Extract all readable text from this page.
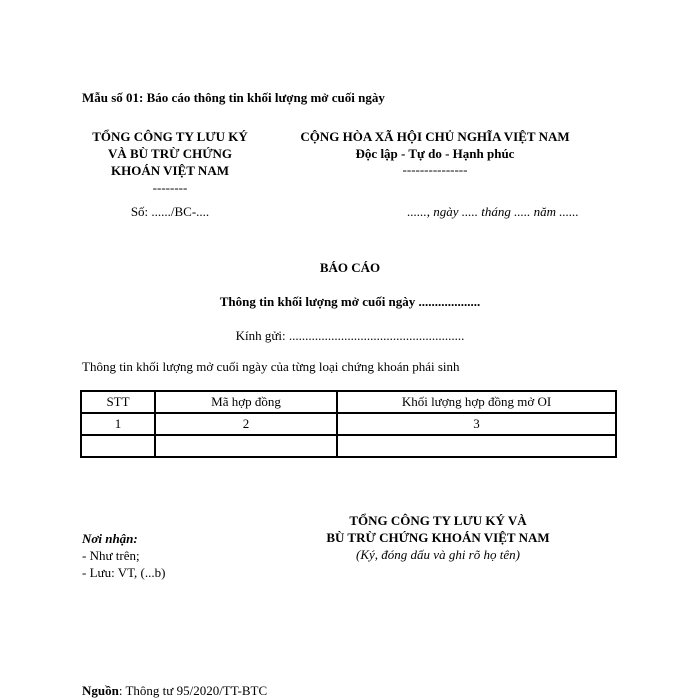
Mẫu số 01: Báo cáo thông tin khối lượng mở cuối ngày
TỔNG CÔNG TY LƯU KÝ
VÀ BÙ TRỪ CHỨNG
KHOÁN VIỆT NAM
--------
Số: ....../BC-....
CỘNG HÒA XÃ HỘI CHỦ NGHĨA VIỆT NAM
Độc lập - Tự do - Hạnh phúc
---------------
......, ngày ..... tháng ..... năm ......
BÁO CÁO
Thông tin khối lượng mở cuối ngày ...................
Kính gửi: ......................................................
Thông tin khối lượng mở cuối ngày của từng loại chứng khoán phái sinh
STT	Mã hợp đồng	Khối lượng hợp đồng mở OI
1	2	3

TỔNG CÔNG TY LƯU KÝ VÀ
BÙ TRỪ CHỨNG KHOÁN VIỆT NAM
(Ký, đóng dấu và ghi rõ họ tên)
Nơi nhận:
- Như trên;
- Lưu: VT, (...b)
Nguồn: Thông tư 95/2020/TT-BTC
